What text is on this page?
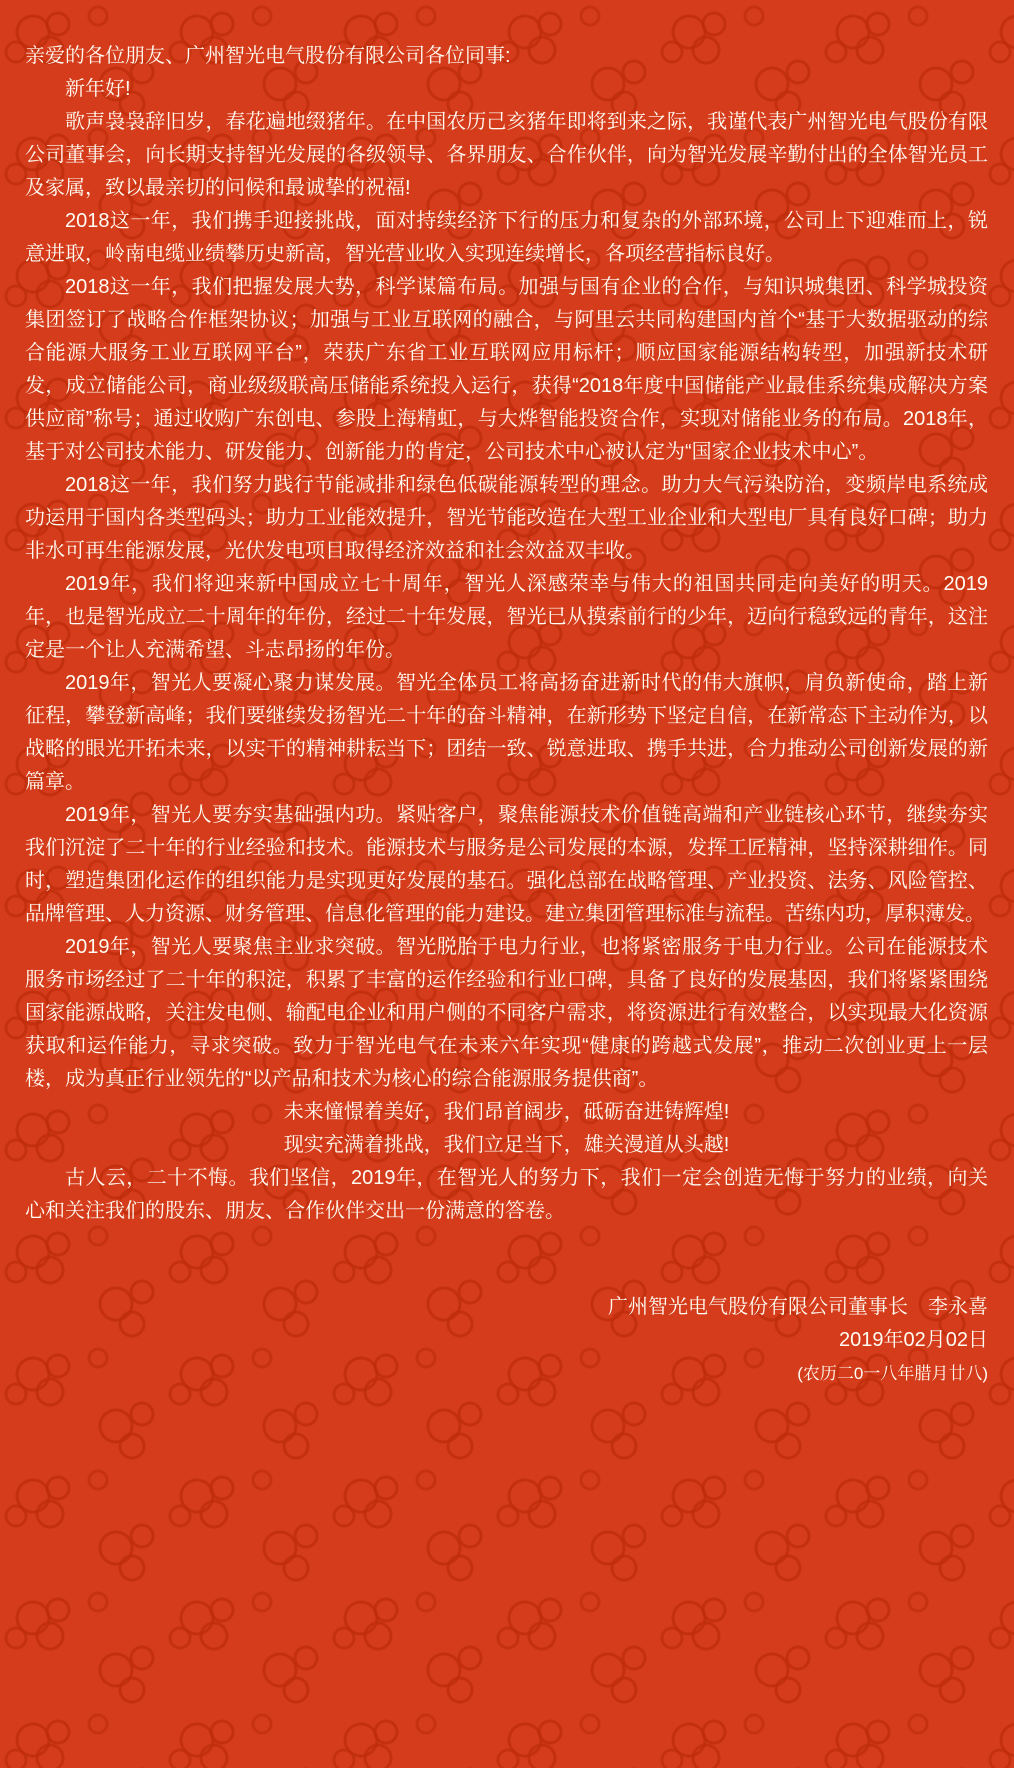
亲爱的各位朋友、广州智光电气股份有限公司各位同事:

新年好!

歌声袅袅辞旧岁，春花遍地缀猪年。在中国农历己亥猪年即将到来之际，我谨代表广州智光电气股份有限公司董事会，向长期支持智光发展的各级领导、各界朋友、合作伙伴，向为智光发展辛勤付出的全体智光员工及家属，致以最亲切的问候和最诚挚的祝福!

2018这一年，我们携手迎接挑战，面对持续经济下行的压力和复杂的外部环境，公司上下迎难而上，锐意进取，岭南电缆业绩攀历史新高，智光营业收入实现连续增长，各项经营指标良好。

2018这一年，我们把握发展大势，科学谋篇布局。加强与国有企业的合作，与知识城集团、科学城投资集团签订了战略合作框架协议；加强与工业互联网的融合，与阿里云共同构建国内首个“基于大数据驱动的综合能源大服务工业互联网平台”，荣获广东省工业互联网应用标杆；顺应国家能源结构转型，加强新技术研发，成立储能公司，商业级级联高压储能系统投入运行，获得“2018年度中国储能产业最佳系统集成解决方案供应商”称号；通过收购广东创电、参股上海精虹，与大烨智能投资合作，实现对储能业务的布局。2018年，基于对公司技术能力、研发能力、创新能力的肯定，公司技术中心被认定为“国家企业技术中心”。

2018这一年，我们努力践行节能减排和绿色低碳能源转型的理念。助力大气污染防治，变频岸电系统成功运用于国内各类型码头；助力工业能效提升，智光节能改造在大型工业企业和大型电厂具有良好口碑；助力非水可再生能源发展，光伏发电项目取得经济效益和社会效益双丰收。

2019年，我们将迎来新中国成立七十周年，智光人深感荣幸与伟大的祖国共同走向美好的明天。2019年，也是智光成立二十周年的年份，经过二十年发展，智光已从摸索前行的少年，迈向行稳致远的青年，这注定是一个让人充满希望、斗志昂扬的年份。

2019年，智光人要凝心聚力谋发展。智光全体员工将高扬奋进新时代的伟大旗帜，肩负新使命，踏上新征程，攀登新高峰；我们要继续发扬智光二十年的奋斗精神，在新形势下坚定自信，在新常态下主动作为，以战略的眼光开拓未来，以实干的精神耕耘当下；团结一致、锐意进取、携手共进，合力推动公司创新发展的新篇章。

2019年，智光人要夯实基础强内功。紧贴客户，聚焦能源技术价值链高端和产业链核心环节，继续夯实我们沉淀了二十年的行业经验和技术。能源技术与服务是公司发展的本源，发挥工匠精神，坚持深耕细作。同时，塑造集团化运作的组织能力是实现更好发展的基石。强化总部在战略管理、产业投资、法务、风险管控、品牌管理、人力资源、财务管理、信息化管理的能力建设。建立集团管理标准与流程。苦练内功，厚积薄发。

2019年，智光人要聚焦主业求突破。智光脱胎于电力行业，也将紧密服务于电力行业。公司在能源技术服务市场经过了二十年的积淀，积累了丰富的运作经验和行业口碑，具备了良好的发展基因，我们将紧紧围绕国家能源战略，关注发电侧、输配电企业和用户侧的不同客户需求，将资源进行有效整合，以实现最大化资源获取和运作能力，寻求突破。致力于智光电气在未来六年实现“健康的跨越式发展”，推动二次创业更上一层楼，成为真正行业领先的“以产品和技术为核心的综合能源服务提供商”。

未来憧憬着美好，我们昂首阔步，砥砺奋进铸辉煌!

现实充满着挑战，我们立足当下，雄关漫道从头越!

古人云，二十不悔。我们坚信，2019年，在智光人的努力下，我们一定会创造无悔于努力的业绩，向关心和关注我们的股东、朋友、合作伙伴交出一份满意的答卷。

广州智光电气股份有限公司董事长　李永喜

2019年02月02日

(农历二0一八年腊月廿八)
